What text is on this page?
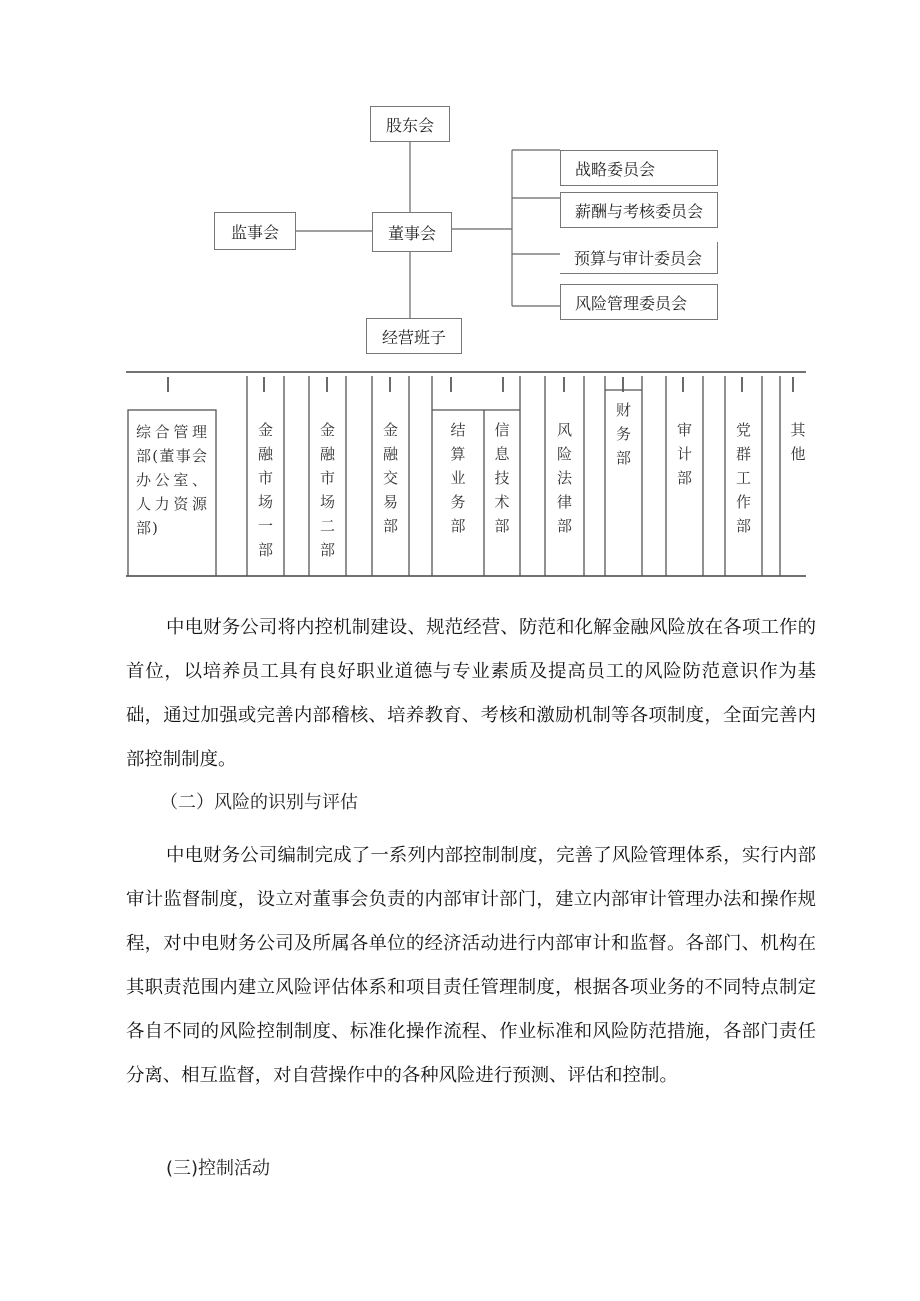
股东会
董事会
监事会
经营班子
战略委员会
薪酬与考核委员会
预算与审计委员会
风险管理委员会
综合管理部(董事会办公室、人力资源部)
金融市场一部
金融市场二部
金融交易部
结算业务部
信息技术部
风险法律部
财务部
审计部
党群工作部
其他

中电财务公司将内控机制建设、规范经营、防范和化解金融风险放在各项工作的首位，以培养员工具有良好职业道德与专业素质及提高员工的风险防范意识作为基础，通过加强或完善内部稽核、培养教育、考核和激励机制等各项制度，全面完善内部控制制度。

（二）风险的识别与评估

中电财务公司编制完成了一系列内部控制制度，完善了风险管理体系，实行内部审计监督制度，设立对董事会负责的内部审计部门，建立内部审计管理办法和操作规程，对中电财务公司及所属各单位的经济活动进行内部审计和监督。各部门、机构在其职责范围内建立风险评估体系和项目责任管理制度，根据各项业务的不同特点制定各自不同的风险控制制度、标准化操作流程、作业标准和风险防范措施，各部门责任分离、相互监督，对自营操作中的各种风险进行预测、评估和控制。

(三)控制活动
